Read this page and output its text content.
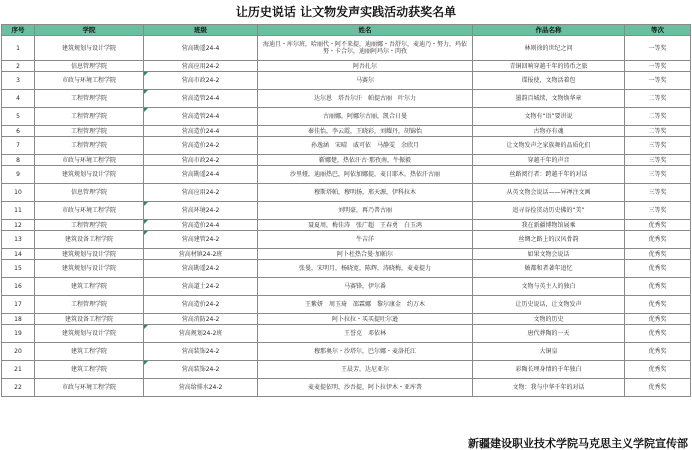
让历史说话 让文物发声实践活动获奖名单
序号	学院	班级	姓名	作品名称	等次
1	建筑规划与设计学院	营高勘遥24-4	海迪且・库尔班，哈丽代・阿不来提，迪丽娜・吾舒尔，麦迪乃・努力，玛依努・卡合尔，迪丽阿玛尔・肉孜	林则徐的世纪之问	一等奖
2	信息管理学院	营高应用24-2	阿吾扎尔	青铜回响穿越千年的铸币之旅	一等奖
3	市政与环境工程学院	营高市政24-2	马赛尔	谍报使，文物活着包	一等奖
4	工程管理学院	营高造管24-4	达尔恩　塔吾尔汗　帕提古丽　叶尔力	墨韵百城续，文物焕华章	二等奖
5	工程管理学院	营高造管24-4	古丽娜，阿娜尔古丽，凯合日曼	文物有“语”要讲说	二等奖
6	工程管理学院	营高造价24-4	秦佳怡，李云霞，王晓彩，刘耀丹，胡锦怡	古物亦有魂	二等奖
7	工程管理学院	营高造价24-2	孙逸涵　宋晴　戚可依　马静雯　余欣月	让文物发声之家族舞的品质化们	三等奖
8	市政与环境工程学院	营高市政24-2	靳娜楚，热依汗古·那孜南，牛振毅	穿越千年的声音	三等奖
9	建筑规划与设计学院	营高勘遥24-4	沙里娅，迪丽热巴，阿依加娜提，麦日耶木，热依汗古丽	丝路阅行者：跨越千年的对话	三等奖
10	信息管理学院	营高应用24-2	穆斯塔帕，穆明扬，邢天源，伊科拉木	从英文物会说话——异禅注文画	三等奖
11	市政与环境工程学院	营高环境24-2	刘明豪，再乃普古丽	追寻谷捡贯动历史佛的“美”	三等奖
12	工程管理学院	营高造价24-4	聂夏周，梅佳涛　张广超　王春勇　白玉鸿	我在新疆博物馆展乘	优秀奖
13	建筑设备工程学院	营高建管24-2	牛吉洋	丝绸之路上的汉风骨韵	优秀奖
14	建筑规划与设计学院	营高材镇24-2班	阿卜杜热合曼·加帕尔	如果文物会说话	优秀奖
15	建筑规划与设计学院	营高勘遥24-2	张曼，宋明月，杨晓宽，陈辉，涛晓梅，麦麦提力	皴都和者著年追忆	优秀奖
16	建筑工程学院	营高道土24-2	马赛锋，伊尔番	文物与英主人的独白	优秀奖
17	工程管理学院	营高造价24-2	王紫妍　周玉琦　邵霖娜　黎尔康金　约万木	让历史说话，让文物发声	优秀奖
18	建筑设备工程学院	营高消防24-2	阿卜拉拉・买买提吐尔逊	文物的历史	优秀奖
19	建筑规划与设计学院	营高规划24-2班	王誉克　邓依林	唐代葬陶的一天	优秀奖
20	建筑工程学院	营高装饰24-2	穆那奥尔・沙塔尔，巴尔娜・麦洛托江	大铜皇	优秀奖
21	建筑工程学院	营高装饰24-2	王晨芳，达尼亚尔	彩陶长埋身情的千年独白	优秀奖
22	市政与环境工程学院	营高给排水24-2	麦麦提依明，沙吾提，阿卜拉伊木・亚库普	文物：我与中华千年的对话	优秀奖
新疆建设职业技术学院马克思主义学院宣传部
